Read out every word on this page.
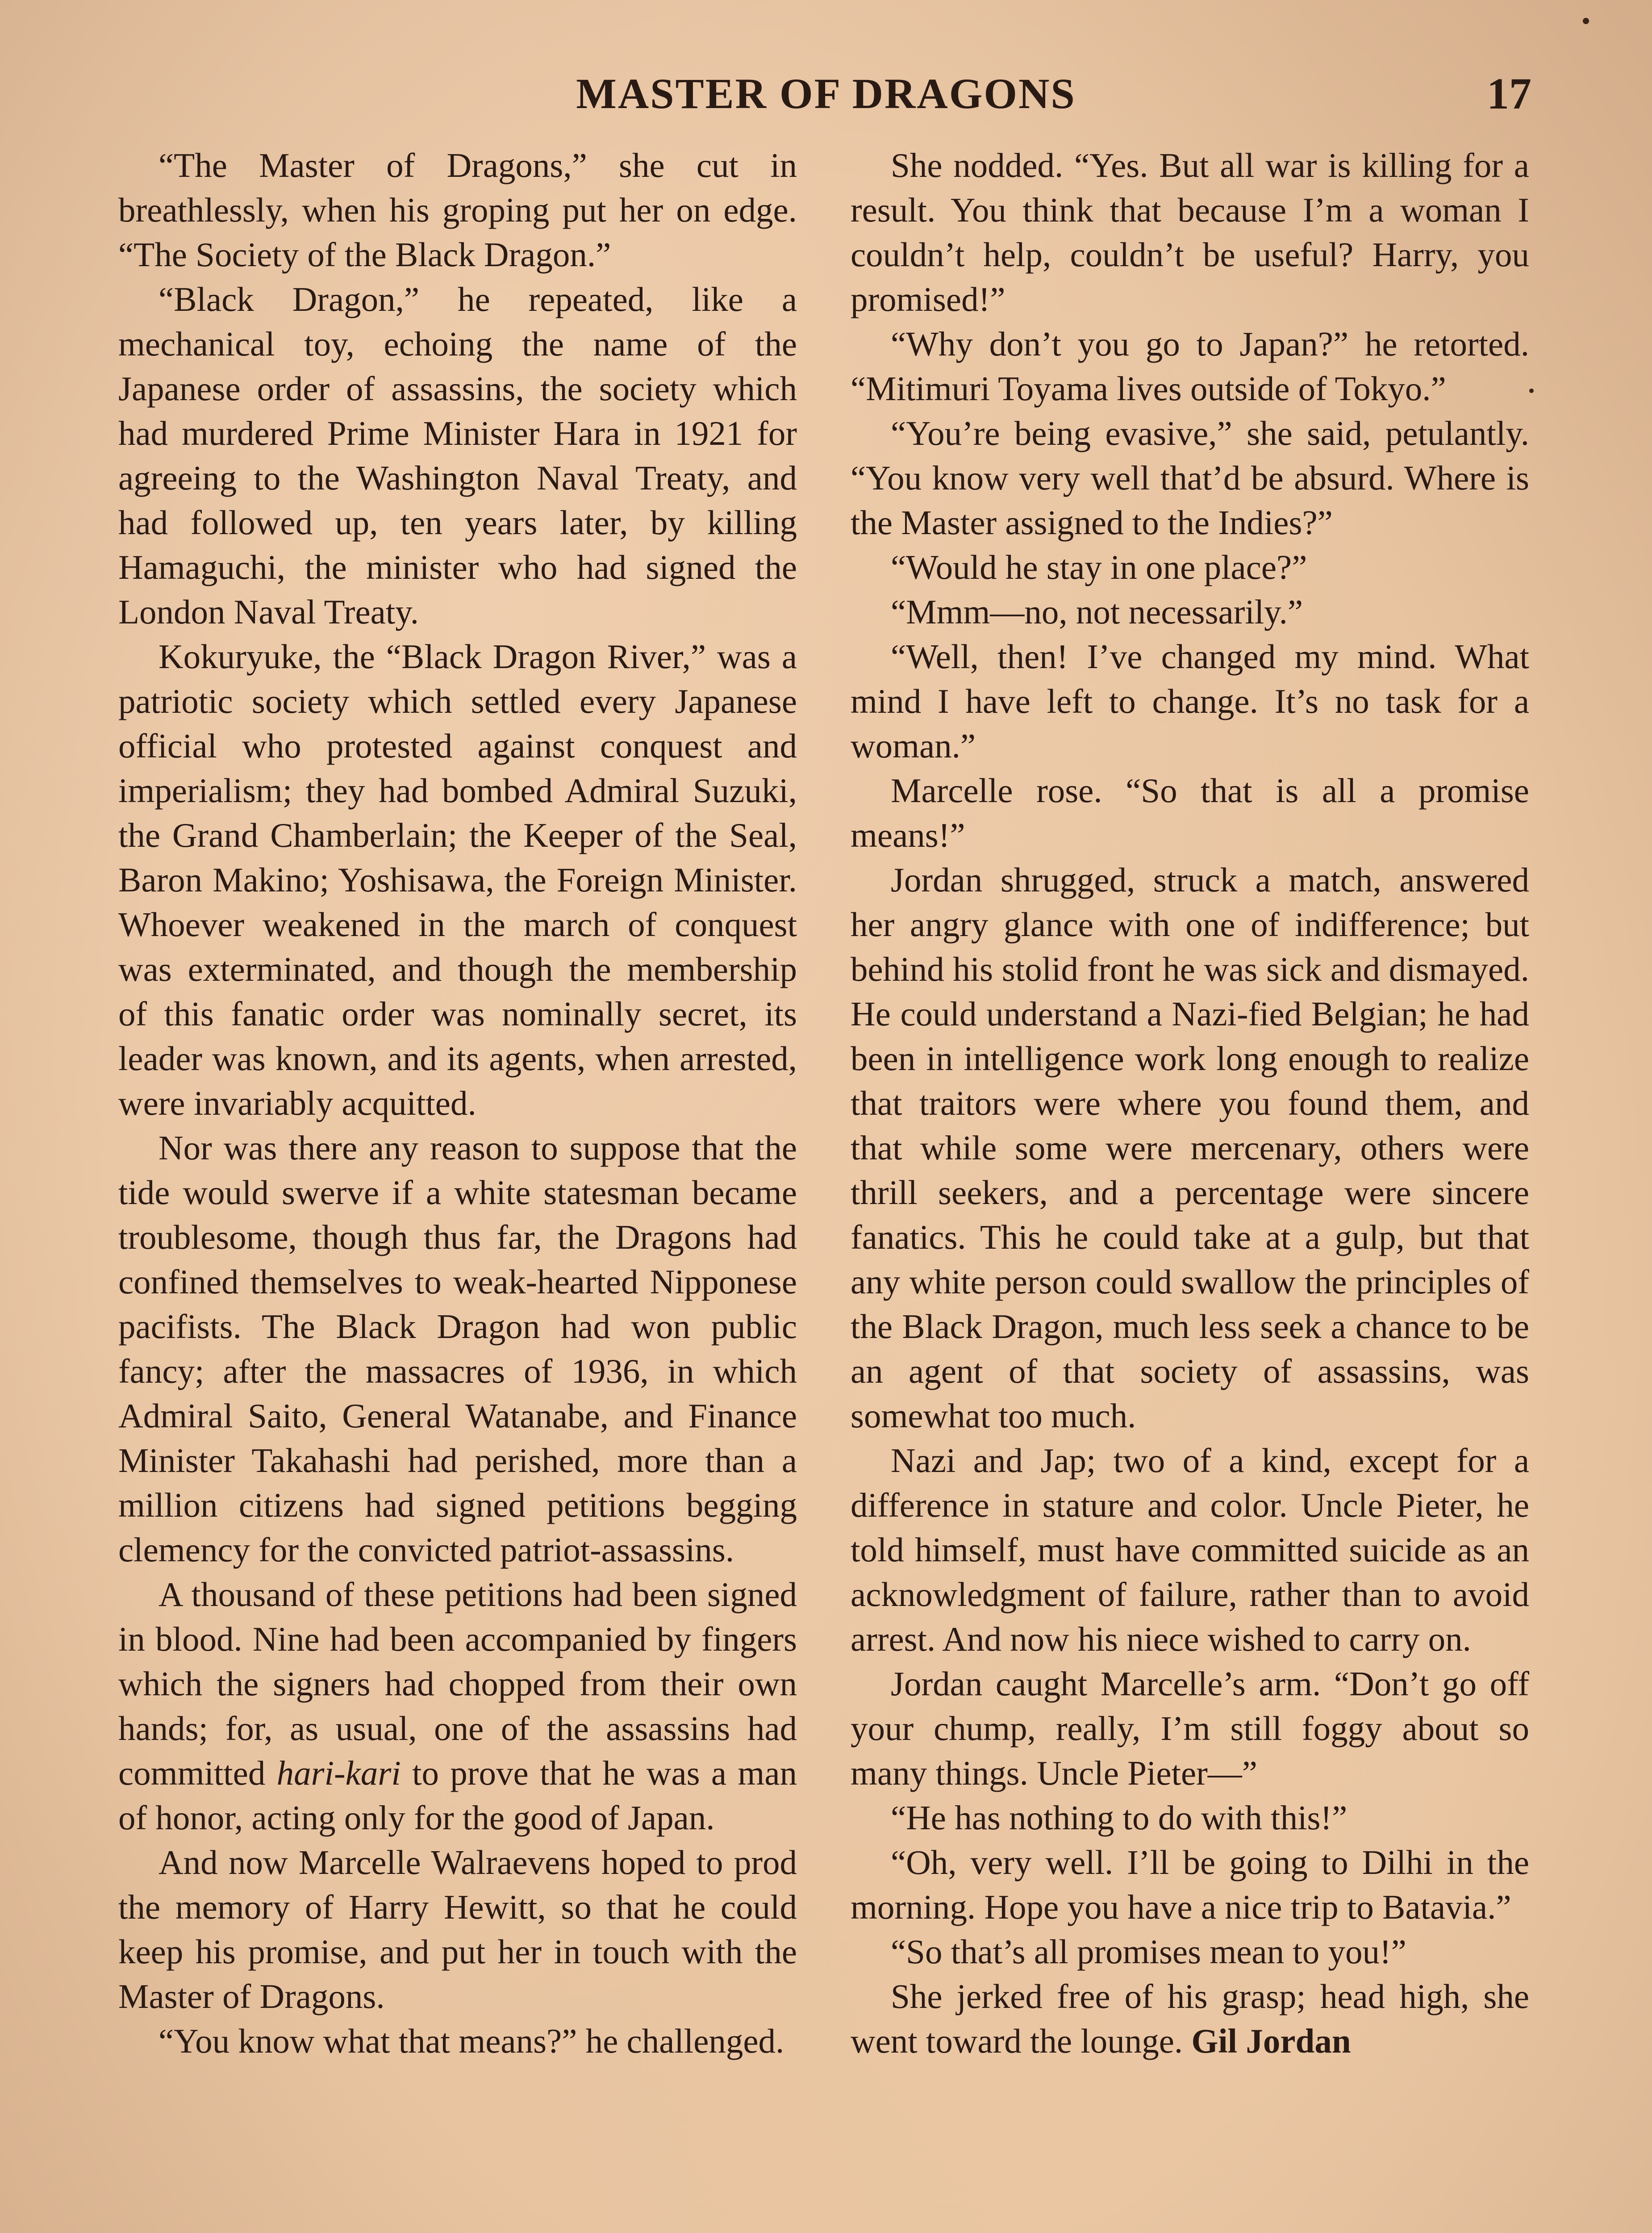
MASTER OF DRAGONS	17

“The Master of Dragons,” she cut in breathlessly, when his groping put her on edge. “The Society of the Black Dragon.”

“Black Dragon,” he repeated, like a mechanical toy, echoing the name of the Japanese order of assassins, the society which had murdered Prime Minister Hara in 1921 for agreeing to the Washington Naval Treaty, and had followed up, ten years later, by killing Hamaguchi, the minister who had signed the London Naval Treaty.

Kokuryuke, the “Black Dragon River,” was a patriotic society which settled every Japanese official who protested against conquest and imperialism; they had bombed Admiral Suzuki, the Grand Chamberlain; the Keeper of the Seal, Baron Makino; Yoshisawa, the Foreign Minister. Whoever weakened in the march of conquest was exterminated, and though the membership of this fanatic order was nominally secret, its leader was known, and its agents, when arrested, were invariably acquitted.

Nor was there any reason to suppose that the tide would swerve if a white statesman became troublesome, though thus far, the Dragons had confined themselves to weak-hearted Nipponese pacifists. The Black Dragon had won public fancy; after the massacres of 1936, in which Admiral Saito, General Watanabe, and Finance Minister Takahashi had perished, more than a million citizens had signed petitions begging clemency for the convicted patriot-assassins.

A thousand of these petitions had been signed in blood. Nine had been accompanied by fingers which the signers had chopped from their own hands; for, as usual, one of the assassins had committed hari-kari to prove that he was a man of honor, acting only for the good of Japan.

And now Marcelle Walraevens hoped to prod the memory of Harry Hewitt, so that he could keep his promise, and put her in touch with the Master of Dragons.

“You know what that means?” he challenged.

She nodded. “Yes. But all war is killing for a result. You think that because I’m a woman I couldn’t help, couldn’t be useful? Harry, you promised!”

“Why don’t you go to Japan?” he retorted. “Mitimuri Toyama lives outside of Tokyo.”

“You’re being evasive,” she said, petulantly. “You know very well that’d be absurd. Where is the Master assigned to the Indies?”

“Would he stay in one place?”

“Mmm—no, not necessarily.”

“Well, then! I’ve changed my mind. What mind I have left to change. It’s no task for a woman.”

Marcelle rose. “So that is all a promise means!”

Jordan shrugged, struck a match, answered her angry glance with one of indifference; but behind his stolid front he was sick and dismayed. He could understand a Nazi-fied Belgian; he had been in intelligence work long enough to realize that traitors were where you found them, and that while some were mercenary, others were thrill seekers, and a percentage were sincere fanatics. This he could take at a gulp, but that any white person could swallow the principles of the Black Dragon, much less seek a chance to be an agent of that society of assassins, was somewhat too much.

Nazi and Jap; two of a kind, except for a difference in stature and color. Uncle Pieter, he told himself, must have committed suicide as an acknowledgment of failure, rather than to avoid arrest. And now his niece wished to carry on.

Jordan caught Marcelle’s arm. “Don’t go off your chump, really, I’m still foggy about so many things. Uncle Pieter—”

“He has nothing to do with this!”

“Oh, very well. I’ll be going to Dilhi in the morning. Hope you have a nice trip to Batavia.”

“So that’s all promises mean to you!”

She jerked free of his grasp; head high, she went toward the lounge. Gil Jordan
